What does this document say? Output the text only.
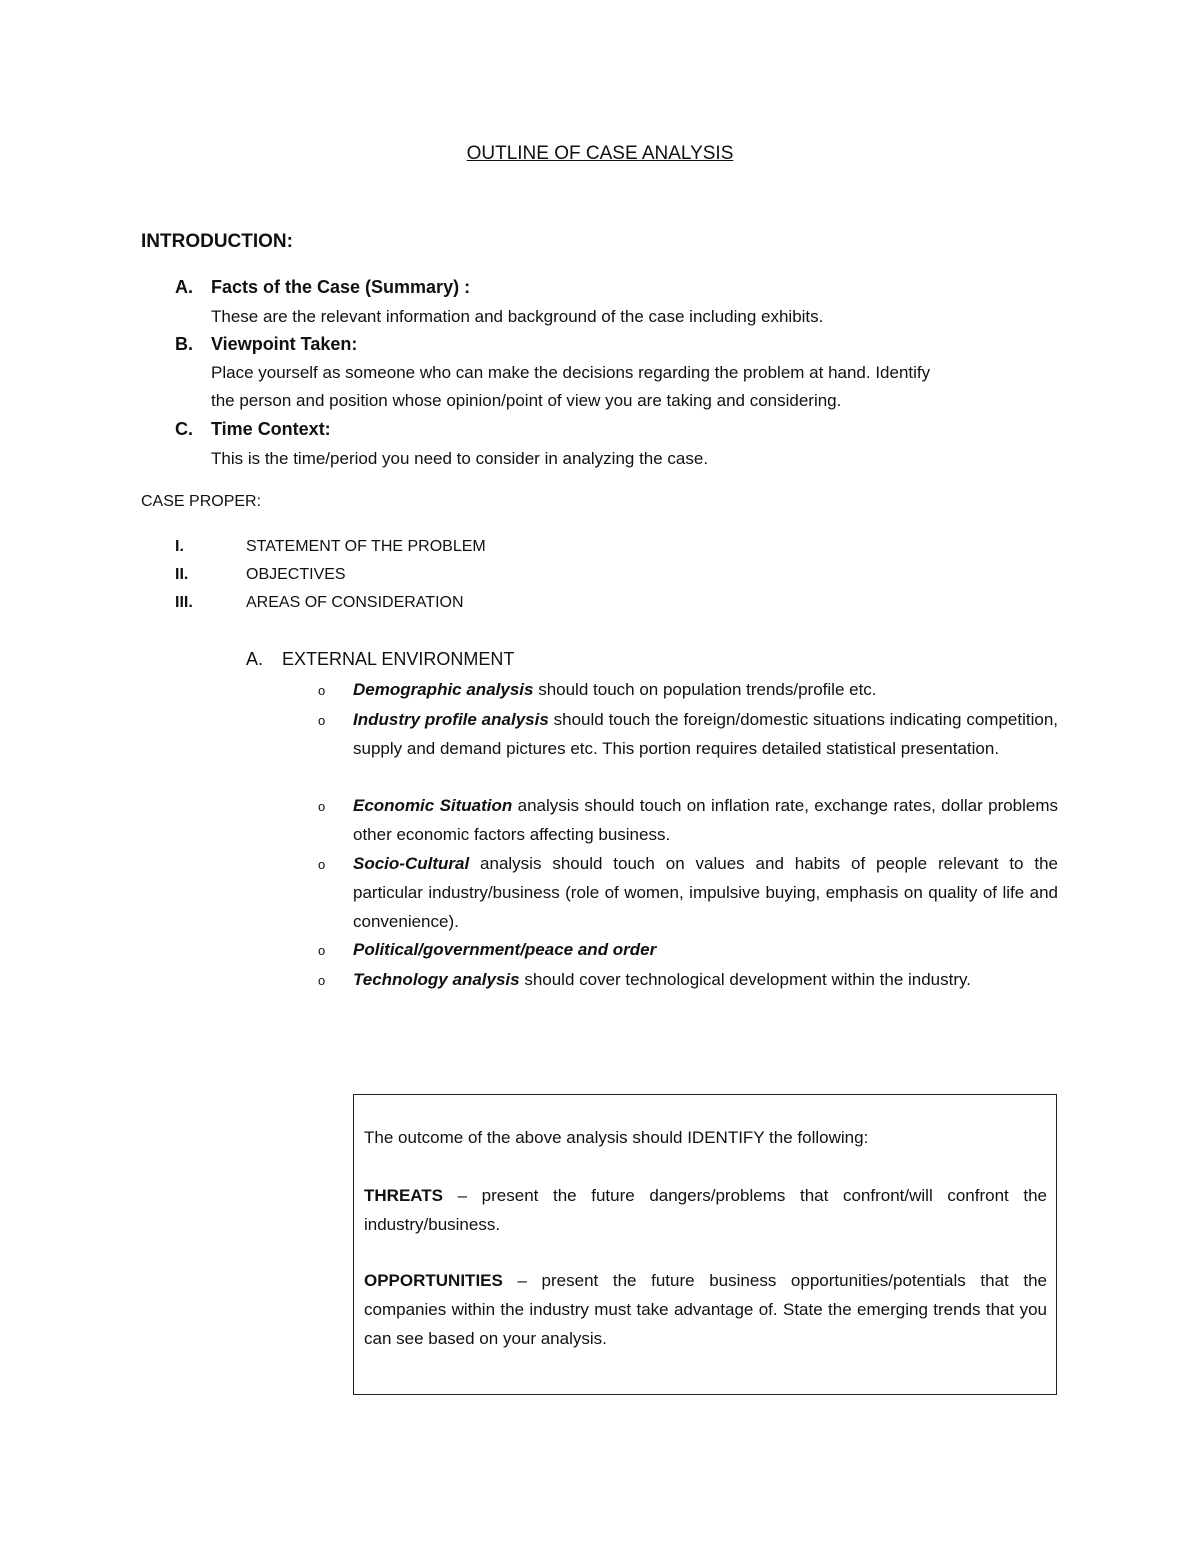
OUTLINE OF CASE ANALYSIS
INTRODUCTION:
A. Facts of the Case (Summary) :
These are the relevant information and background of the case including exhibits.
B. Viewpoint Taken:
Place yourself as someone who can make the decisions regarding the problem at hand. Identify
the person and position whose opinion/point of view you are taking and considering.
C. Time Context:
This is the time/period you need to consider in analyzing the case.
CASE PROPER:
I.	STATEMENT OF THE PROBLEM
II.	OBJECTIVES
III.	AREAS OF CONSIDERATION
A. EXTERNAL ENVIRONMENT
o Demographic analysis should touch on population trends/profile etc.
o Industry profile analysis should touch the foreign/domestic situations indicating competition, supply and demand pictures etc. This portion requires detailed statistical presentation.
o Economic Situation analysis should touch on inflation rate, exchange rates, dollar problems other economic factors affecting business.
o Socio-Cultural analysis should touch on values and habits of people relevant to the particular industry/business (role of women, impulsive buying, emphasis on quality of life and convenience).
o Political/government/peace and order
o Technology analysis should cover technological development within the industry.
The outcome of the above analysis should IDENTIFY the following:
THREATS – present the future dangers/problems that confront/will confront the industry/business.
OPPORTUNITIES – present the future business opportunities/potentials that the companies within the industry must take advantage of. State the emerging trends that you can see based on your analysis.
